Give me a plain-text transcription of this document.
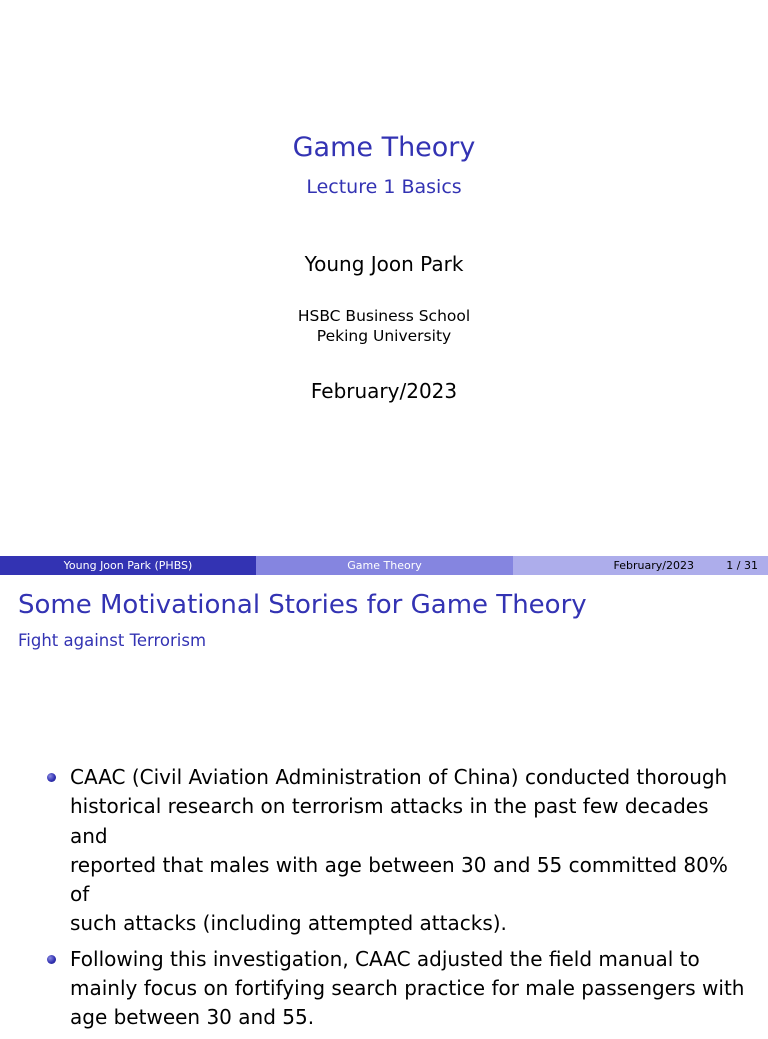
Game Theory
Lecture 1 Basics
Young Joon Park
HSBC Business School
Peking University
February/2023
Young Joon Park (PHBS)	Game Theory	February/2023	1 / 31
Some Motivational Stories for Game Theory
Fight against Terrorism
CAAC (Civil Aviation Administration of China) conducted thorough
historical research on terrorism attacks in the past few decades and
reported that males with age between 30 and 55 committed 80% of
such attacks (including attempted attacks).
Following this investigation, CAAC adjusted the field manual to
mainly focus on fortifying search practice for male passengers with
age between 30 and 55.
